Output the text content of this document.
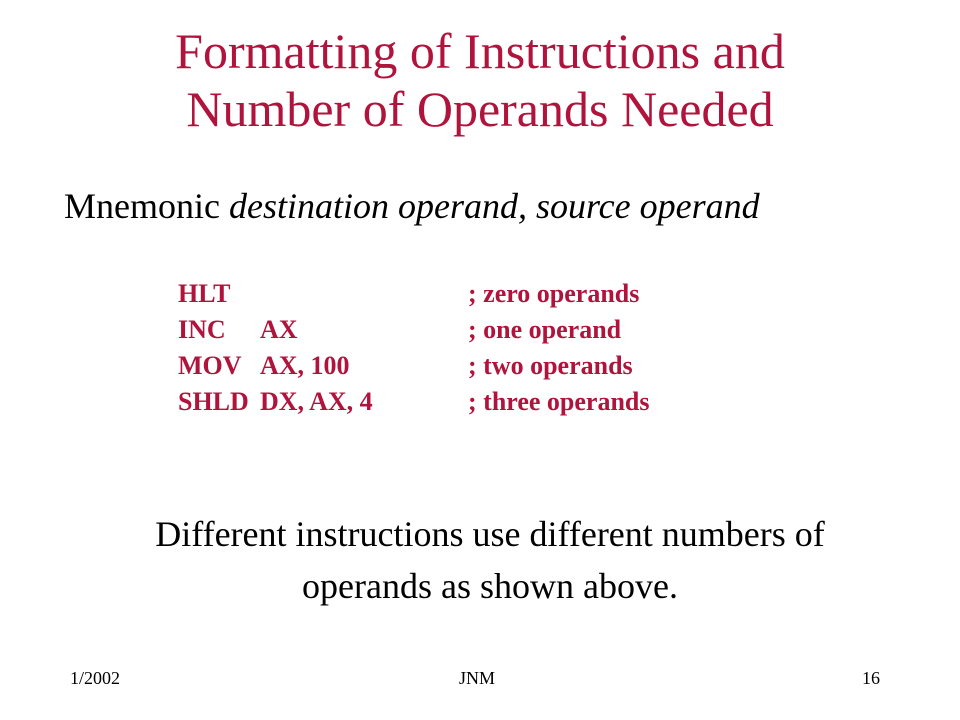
Formatting of Instructions and
Number of Operands Needed
Mnemonic destination operand, source operand
HLT	; zero operands
INC AX	; one operand
MOV AX, 100	; two operands
SHLD DX, AX, 4	; three operands
Different instructions use different numbers of
operands as shown above.
1/2002	JNM	16
